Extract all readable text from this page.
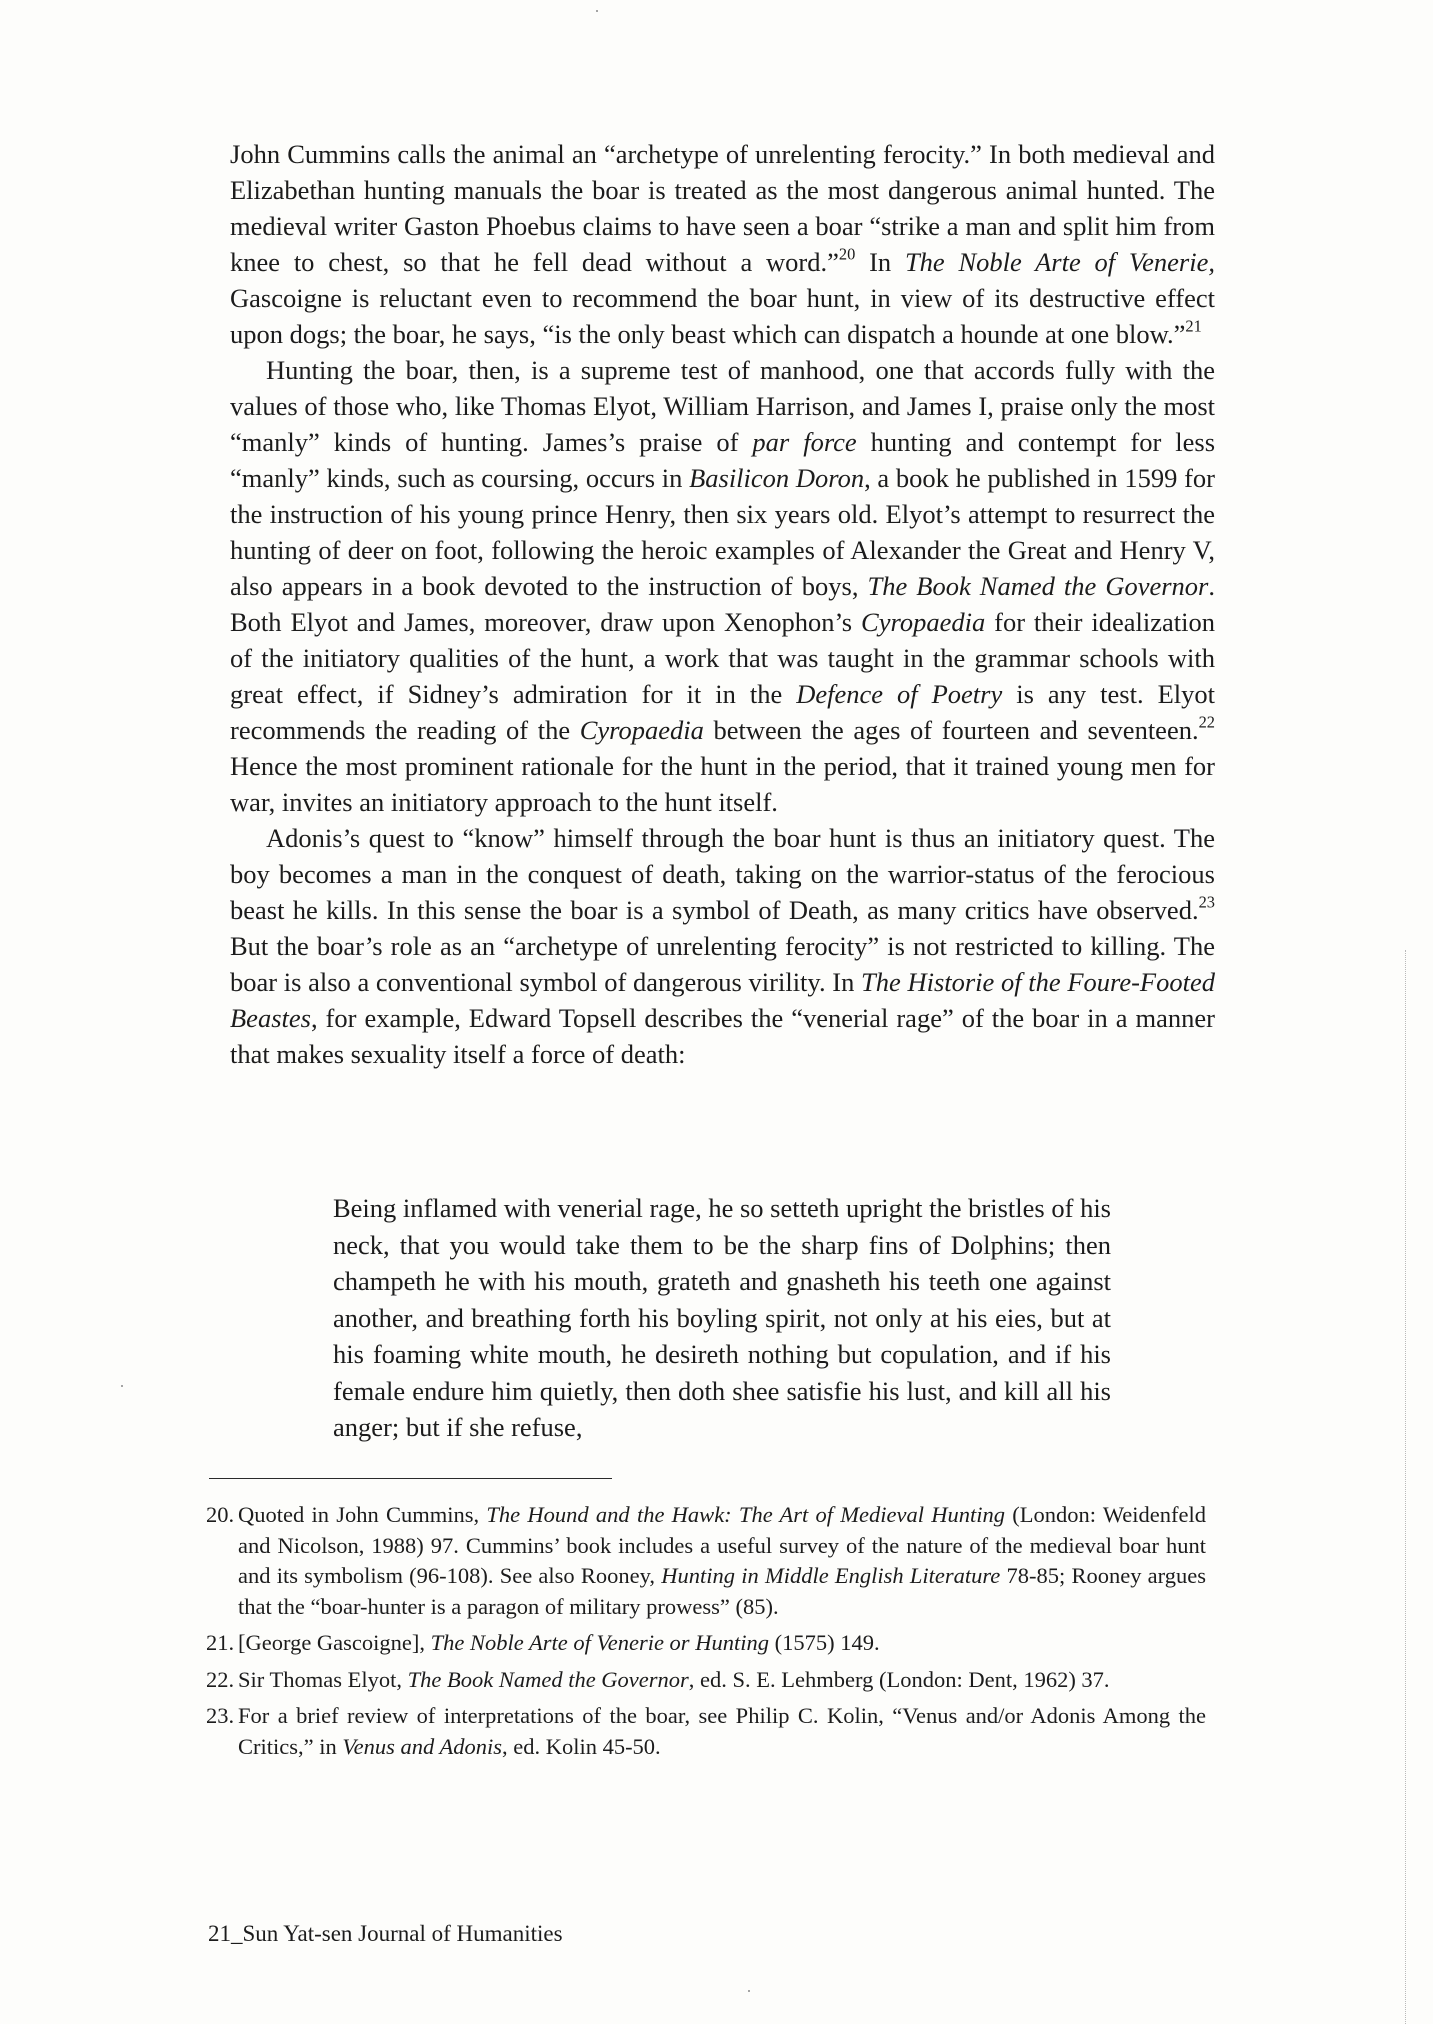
John Cummins calls the animal an “archetype of unrelenting ferocity.” In both medieval and Elizabethan hunting manuals the boar is treated as the most dangerous animal hunted. The medieval writer Gaston Phoebus claims to have seen a boar “strike a man and split him from knee to chest, so that he fell dead without a word.”$^{20}$ In The Noble Arte of Venerie, Gascoigne is reluctant even to recommend the boar hunt, in view of its destructive effect upon dogs; the boar, he says, “is the only beast which can dispatch a hounde at one blow.”$^{21}$

Hunting the boar, then, is a supreme test of manhood, one that accords fully with the values of those who, like Thomas Elyot, William Harrison, and James I, praise only the most “manly” kinds of hunting. James’s praise of par force hunting and contempt for less “manly” kinds, such as coursing, occurs in Basilicon Doron, a book he published in 1599 for the instruction of his young prince Henry, then six years old. Elyot’s attempt to resurrect the hunting of deer on foot, following the heroic examples of Alexander the Great and Henry V, also appears in a book devoted to the instruction of boys, The Book Named the Governor. Both Elyot and James, moreover, draw upon Xenophon’s Cyropaedia for their idealization of the initiatory qualities of the hunt, a work that was taught in the grammar schools with great effect, if Sidney’s admiration for it in the Defence of Poetry is any test. Elyot recommends the reading of the Cyropaedia between the ages of fourteen and seventeen.$^{22}$ Hence the most prominent rationale for the hunt in the period, that it trained young men for war, invites an initiatory approach to the hunt itself.

Adonis’s quest to “know” himself through the boar hunt is thus an initiatory quest. The boy becomes a man in the conquest of death, taking on the warrior-status of the ferocious beast he kills. In this sense the boar is a symbol of Death, as many critics have observed.$^{23}$ But the boar’s role as an “archetype of unrelenting ferocity” is not restricted to killing. The boar is also a conventional symbol of dangerous virility. In The Historie of the Foure-Footed Beastes, for example, Edward Topsell describes the “venerial rage” of the boar in a manner that makes sexuality itself a force of death:

Being inflamed with venerial rage, he so setteth upright the bristles of his neck, that you would take them to be the sharp fins of Dolphins; then champeth he with his mouth, grateth and gnasheth his teeth one against another, and breathing forth his boyling spirit, not only at his eies, but at his foaming white mouth, he desireth nothing but copulation, and if his female endure him quietly, then doth shee satisfie his lust, and kill all his anger; but if she refuse,
20. Quoted in John Cummins, The Hound and the Hawk: The Art of Medieval Hunting (London: Weidenfeld and Nicolson, 1988) 97. Cummins’ book includes a useful survey of the nature of the medieval boar hunt and its symbolism (96-108). See also Rooney, Hunting in Middle English Literature 78-85; Rooney argues that the “boar-hunter is a paragon of military prowess” (85).
21. [George Gascoigne], The Noble Arte of Venerie or Hunting (1575) 149.
22. Sir Thomas Elyot, The Book Named the Governor, ed. S. E. Lehmberg (London: Dent, 1962) 37.
23. For a brief review of interpretations of the boar, see Philip C. Kolin, “Venus and/or Adonis Among the Critics,” in Venus and Adonis, ed. Kolin 45-50.
21_Sun Yat-sen Journal of Humanities
